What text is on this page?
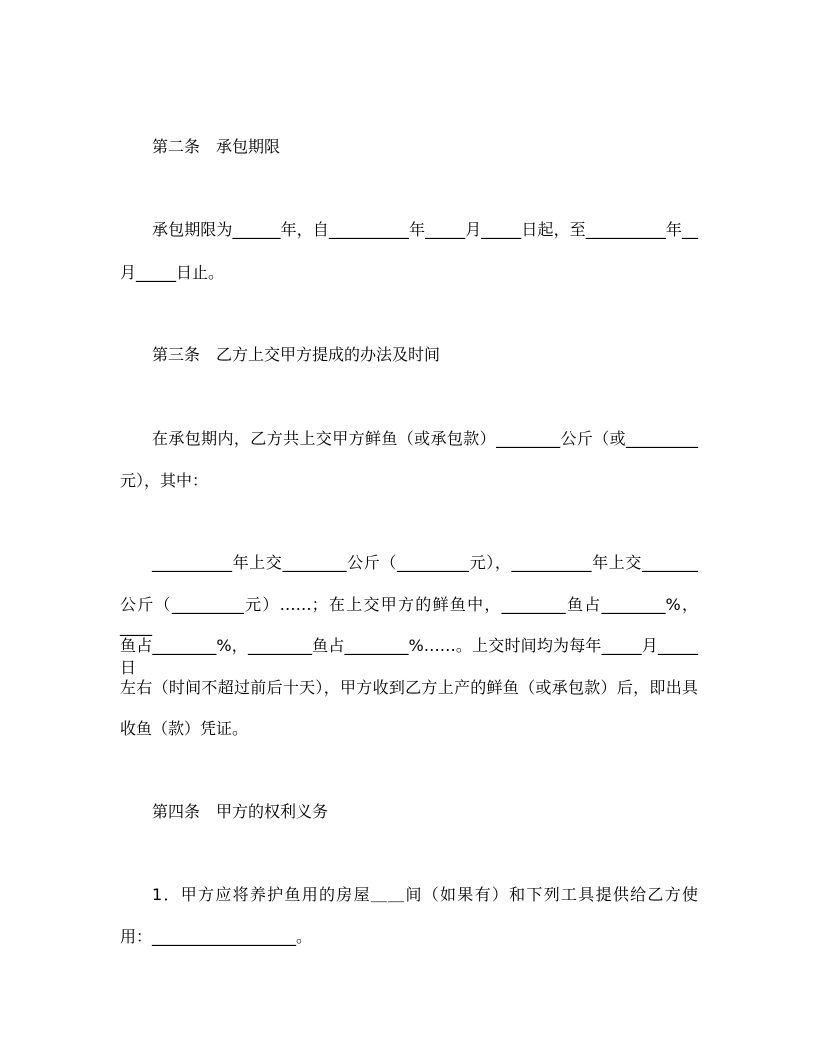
第二条　承包期限

承包期限为______年，自__________年_____月_____日起，至__________年__

月_____日止。

第三条　乙方上交甲方提成的办法及时间

在承包期内，乙方共上交甲方鲜鱼（或承包款）________公斤（或_________

元），其中：

__________年上交________公斤（_________元），__________年上交_______

公斤（_________元）……；在上交甲方的鲜鱼中，________鱼占________%，____

鱼占________%，________鱼占________%……。上交时间均为每年_____月_____日

左右（时间不超过前后十天），甲方收到乙方上产的鲜鱼（或承包款）后，即出具

收鱼（款）凭证。

第四条　甲方的权利义务

1．甲方应将养护鱼用的房屋＿＿间（如果有）和下列工具提供给乙方使

用：__________________。
